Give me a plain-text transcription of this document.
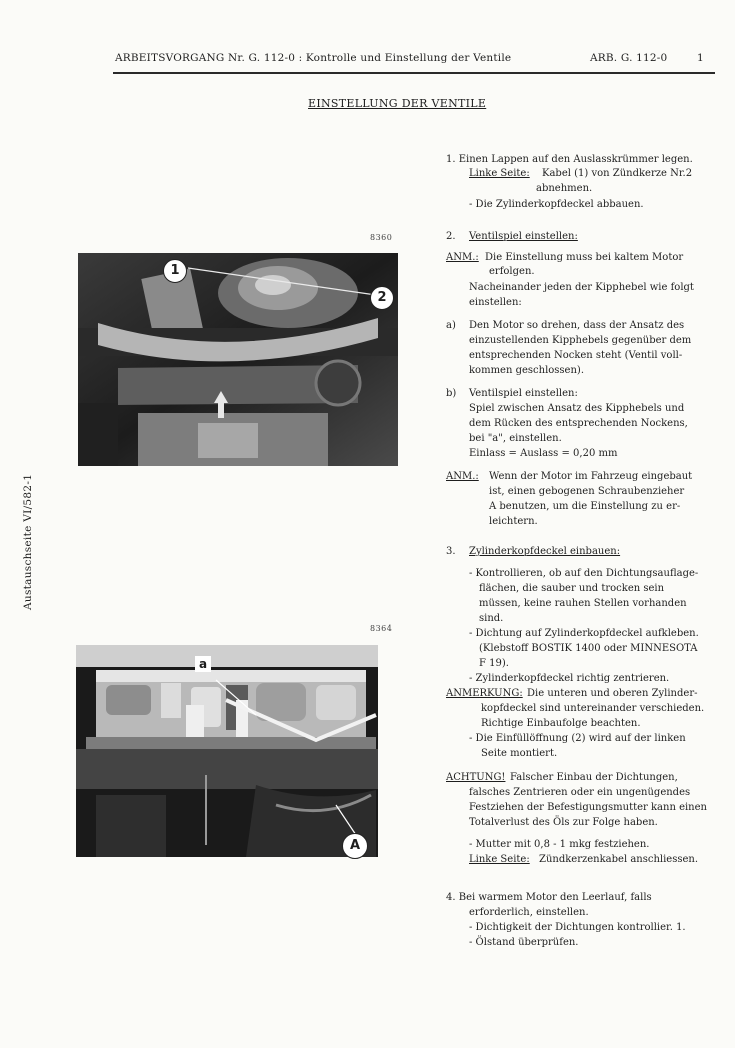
ARBEITSVORGANG Nr. G. 112-0 : Kontrolle und Einstellung der Ventile	ARB. G. 112-0	1
EINSTELLUNG DER VENTILE
Austauschseite VI/582-1
8360
1
2
8364
a
A
1. Einen Lappen auf den Auslasskrümmer legen.
Linke Seite: Kabel (1) von Zündkerze Nr.2
abnehmen.
- Die Zylinderkopfdeckel abbauen.
2. Ventilspiel einstellen:
ANM.: Die Einstellung muss bei kaltem Motor
erfolgen.
Nacheinander jeden der Kipphebel wie folgt
einstellen:
a) Den Motor so drehen, dass der Ansatz des
einzustellenden Kipphebels gegenüber dem
entsprechenden Nocken steht (Ventil voll-
kommen geschlossen).
b) Ventilspiel einstellen:
Spiel zwischen Ansatz des Kipphebels und
dem Rücken des entsprechenden Nockens,
bei "a", einstellen.
Einlass = Auslass = 0,20 mm
ANM.: Wenn der Motor im Fahrzeug eingebaut
ist, einen gebogenen Schraubenzieher
A benutzen, um die Einstellung zu er-
leichtern.
3. Zylinderkopfdeckel einbauen:
- Kontrollieren, ob auf den Dichtungsauflage-
flächen, die sauber und trocken sein
müssen, keine rauhen Stellen vorhanden
sind.
- Dichtung auf Zylinderkopfdeckel aufkleben.
(Klebstoff BOSTIK 1400 oder MINNESOTA
F 19).
- Zylinderkopfdeckel richtig zentrieren.
ANMERKUNG: Die unteren und oberen Zylinder-
kopfdeckel sind untereinander verschieden.
Richtige Einbaufolge beachten.
- Die Einfüllöffnung (2) wird auf der linken
Seite montiert.
ACHTUNG! Falscher Einbau der Dichtungen,
falsches Zentrieren oder ein ungenügendes
Festziehen der Befestigungsmutter kann einen
Totalverlust des Öls zur Folge haben.
- Mutter mit 0,8 - 1 mkg festziehen.
Linke Seite: Zündkerzenkabel anschliessen.
4. Bei warmem Motor den Leerlauf, falls
erforderlich, einstellen.
- Dichtigkeit der Dichtungen kontrollier. 1.
- Ölstand überprüfen.
